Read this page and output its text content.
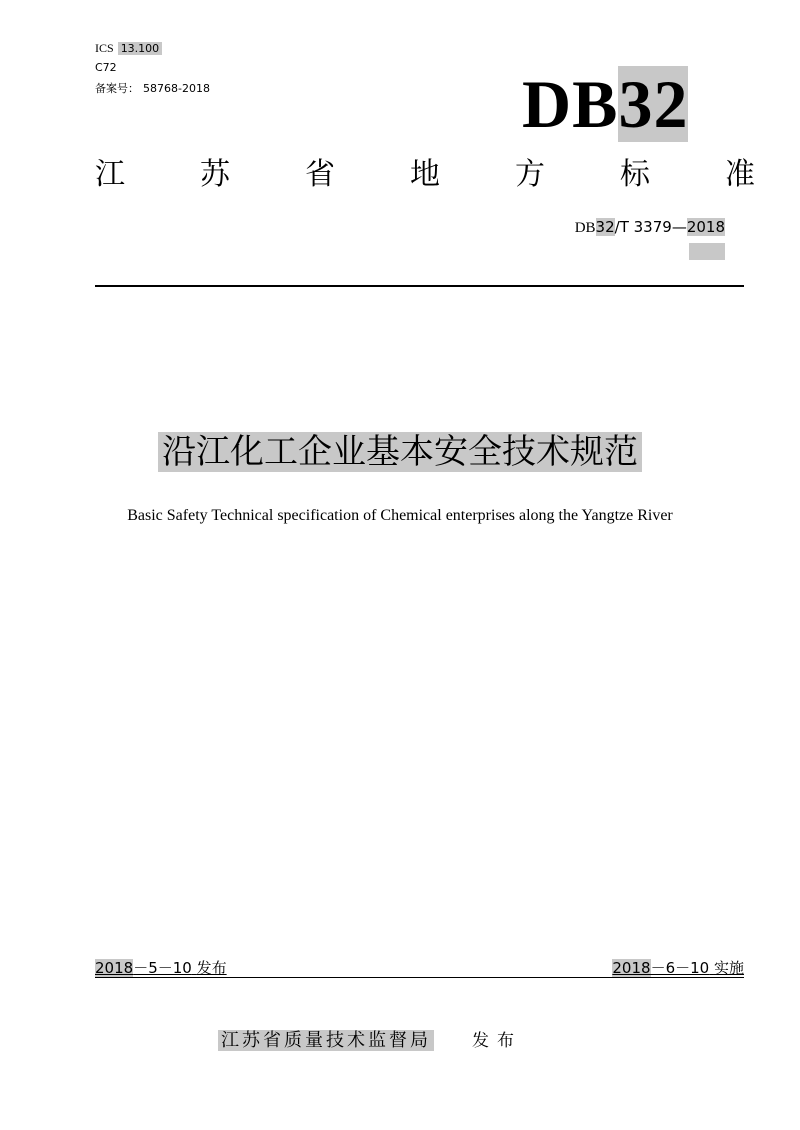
ICS 13.100
C72
备案号： 58768-2018	DB32
江	苏	省	地	方	标	准
DB32/T 3379—2018
沿江化工企业基本安全技术规范
Basic Safety Technical specification of Chemical enterprises along the Yangtze River
2018－5－10 发布	2018－6－10 实施
江苏省质量技术监督局 发布
